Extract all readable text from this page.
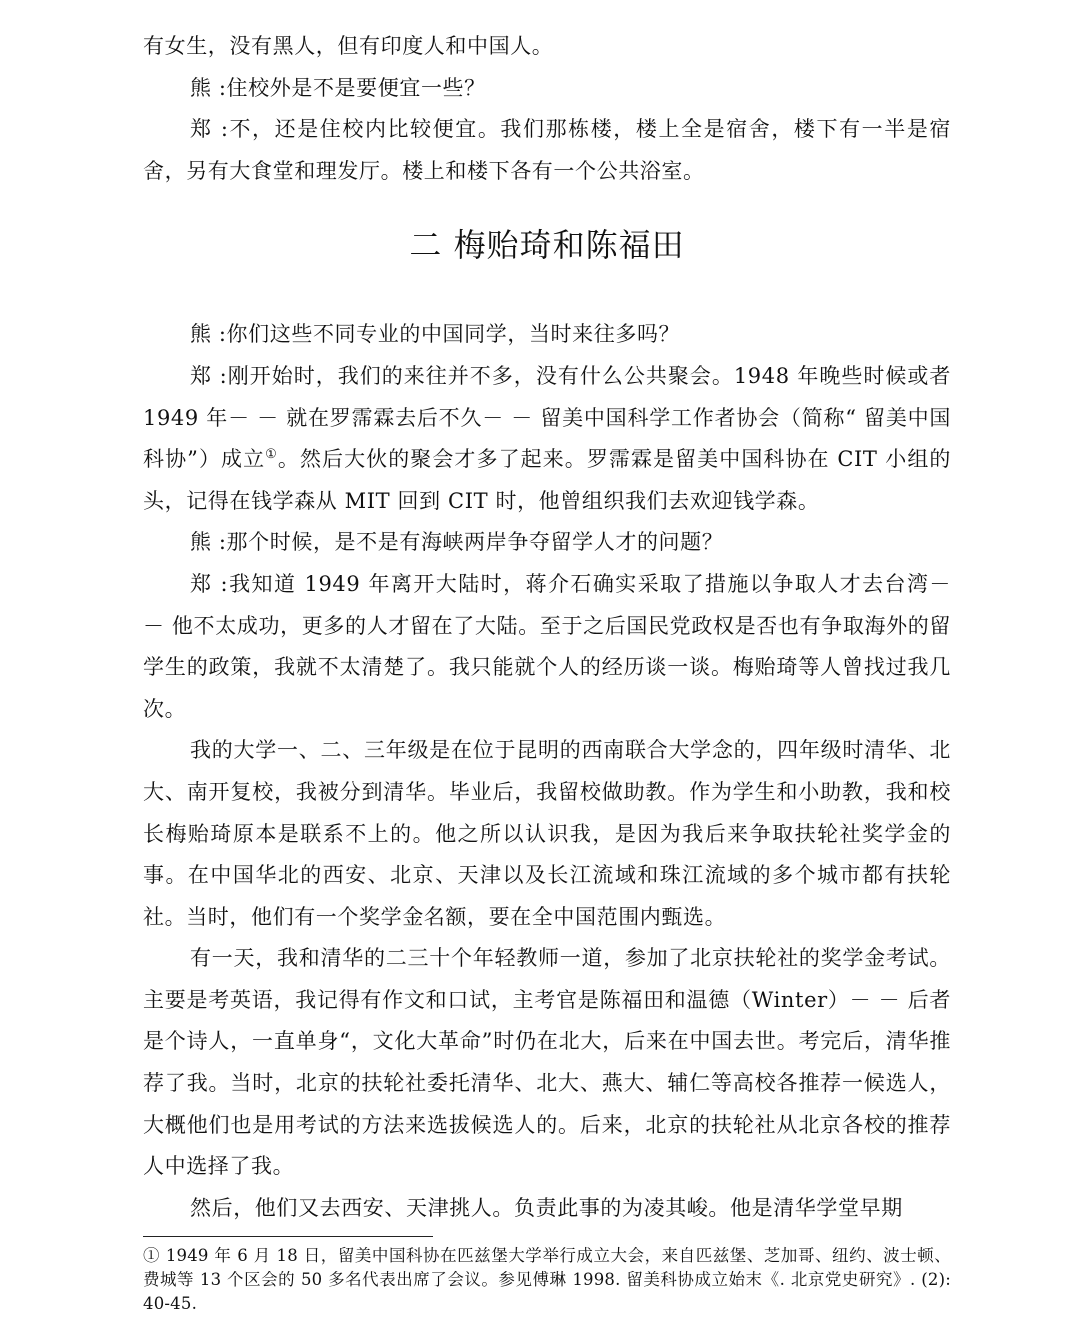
有女生，没有黑人，但有印度人和中国人。

熊 :住校外是不是要便宜一些？

郑 :不，还是住校内比较便宜。我们那栋楼，楼上全是宿舍，楼下有一半是宿舍，另有大食堂和理发厅。楼上和楼下各有一个公共浴室。

二 梅贻琦和陈福田

熊 :你们这些不同专业的中国同学，当时来往多吗？

郑 :刚开始时，我们的来往并不多，没有什么公共聚会。1948 年晚些时候或者 1949 年－ － 就在罗霈霖去后不久－ － 留美中国科学工作者协会（简称“ 留美中国科协”）成立①。然后大伙的聚会才多了起来。罗霈霖是留美中国科协在 CIT 小组的头，记得在钱学森从 MIT 回到 CIT 时，他曾组织我们去欢迎钱学森。

熊 :那个时候，是不是有海峡两岸争夺留学人才的问题？

郑 :我知道 1949 年离开大陆时，蒋介石确实采取了措施以争取人才去台湾－ － 他不太成功，更多的人才留在了大陆。至于之后国民党政权是否也有争取海外的留学生的政策，我就不太清楚了。我只能就个人的经历谈一谈。梅贻琦等人曾找过我几次。

我的大学一、二、三年级是在位于昆明的西南联合大学念的，四年级时清华、北大、南开复校，我被分到清华。毕业后，我留校做助教。作为学生和小助教，我和校长梅贻琦原本是联系不上的。他之所以认识我，是因为我后来争取扶轮社奖学金的事。在中国华北的西安、北京、天津以及长江流域和珠江流域的多个城市都有扶轮社。当时，他们有一个奖学金名额，要在全中国范围内甄选。

有一天，我和清华的二三十个年轻教师一道，参加了北京扶轮社的奖学金考试。主要是考英语，我记得有作文和口试，主考官是陈福田和温德（Winter）－ － 后者是个诗人，一直单身“，文化大革命”时仍在北大，后来在中国去世。考完后，清华推荐了我。当时，北京的扶轮社委托清华、北大、燕大、辅仁等高校各推荐一候选人，大概他们也是用考试的方法来选拔候选人的。后来，北京的扶轮社从北京各校的推荐人中选择了我。

然后，他们又去西安、天津挑人。负责此事的为凌其峻。他是清华学堂早期

① 1949 年 6 月 18 日，留美中国科协在匹兹堡大学举行成立大会，来自匹兹堡、芝加哥、纽约、波士顿、费城等 13 个区会的 50 多名代表出席了会议。参见傅琳 1998. 留美科协成立始末《. 北京党史研究》. (2): 40-45.
